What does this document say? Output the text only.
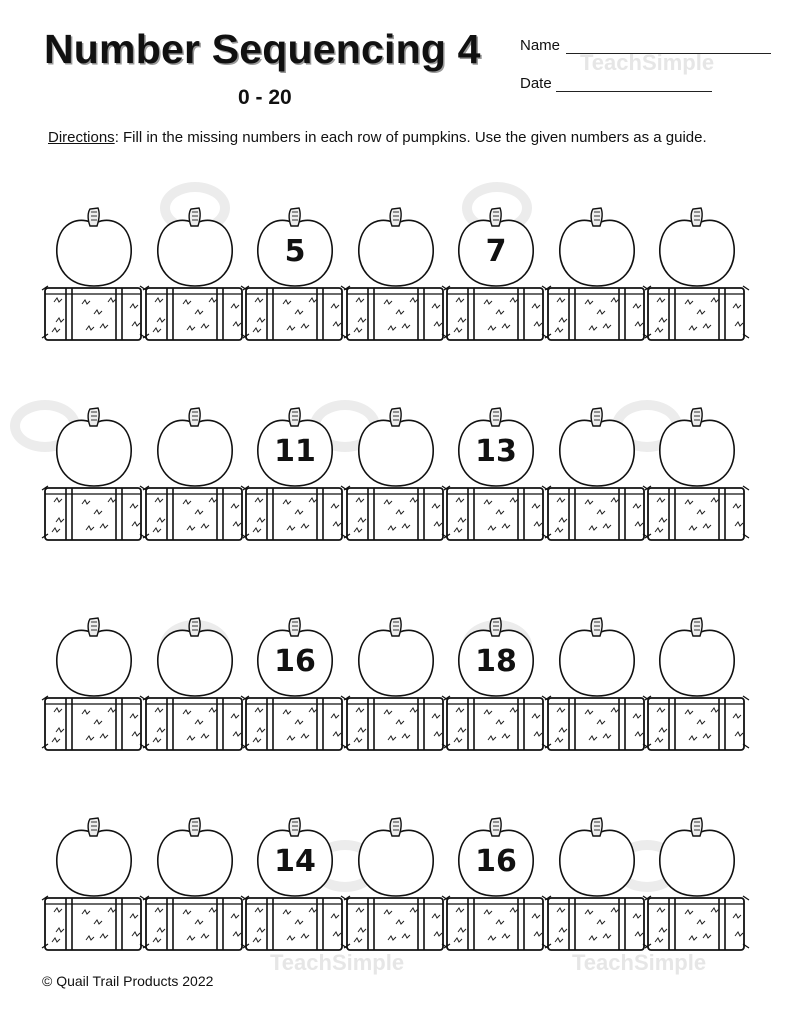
TeachSimple
TeachSimple	TeachSimple
Number Sequencing 4
0 - 20
Name
Date
Directions: Fill in the missing numbers in each row of pumpkins. Use the given numbers as a guide.
5	7
11	13
16	18
14	16
© Quail Trail Products 2022
